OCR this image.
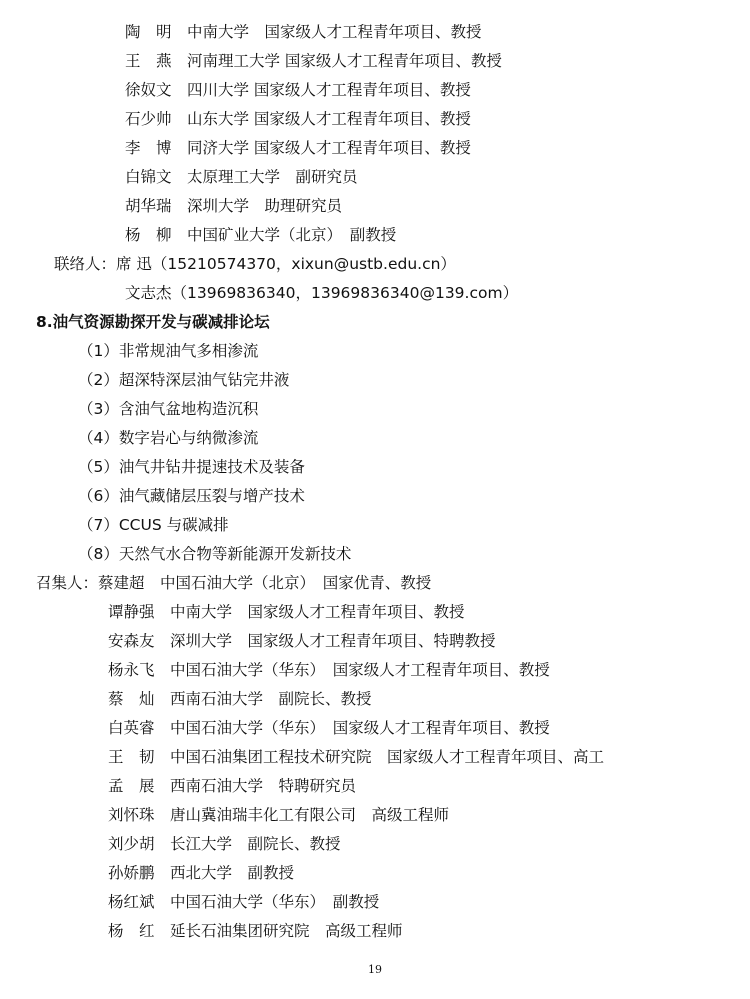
陶　明　中南大学　国家级人才工程青年项目、教授
王　燕　河南理工大学 国家级人才工程青年项目、教授
徐奴文　四川大学 国家级人才工程青年项目、教授
石少帅　山东大学 国家级人才工程青年项目、教授
李　博　同济大学 国家级人才工程青年项目、教授
白锦文　太原理工大学　副研究员
胡华瑞　深圳大学　助理研究员
杨　柳　中国矿业大学（北京）　副教授
联络人：席 迅（15210574370，xixun@ustb.edu.cn）
文志杰（13969836340，13969836340@139.com）
8.油气资源勘探开发与碳减排论坛
（1）非常规油气多相渗流
（2）超深特深层油气钻完井液
（3）含油气盆地构造沉积
（4）数字岩心与纳微渗流
（5）油气井钻井提速技术及装备
（6）油气藏储层压裂与增产技术
（7）CCUS 与碳减排
（8）天然气水合物等新能源开发新技术
召集人：蔡建超　中国石油大学（北京）　国家优青、教授
谭静强　中南大学　国家级人才工程青年项目、教授
安森友　深圳大学　国家级人才工程青年项目、特聘教授
杨永飞　中国石油大学（华东）　国家级人才工程青年项目、教授
蔡　灿　西南石油大学　副院长、教授
白英睿　中国石油大学（华东）　国家级人才工程青年项目、教授
王　韧　中国石油集团工程技术研究院　国家级人才工程青年项目、高工
孟　展　西南石油大学　特聘研究员
刘怀珠　唐山冀油瑞丰化工有限公司　高级工程师
刘少胡　长江大学　副院长、教授
孙娇鹏　西北大学　副教授
杨红斌　中国石油大学（华东）　副教授
杨　红　延长石油集团研究院　高级工程师
19
